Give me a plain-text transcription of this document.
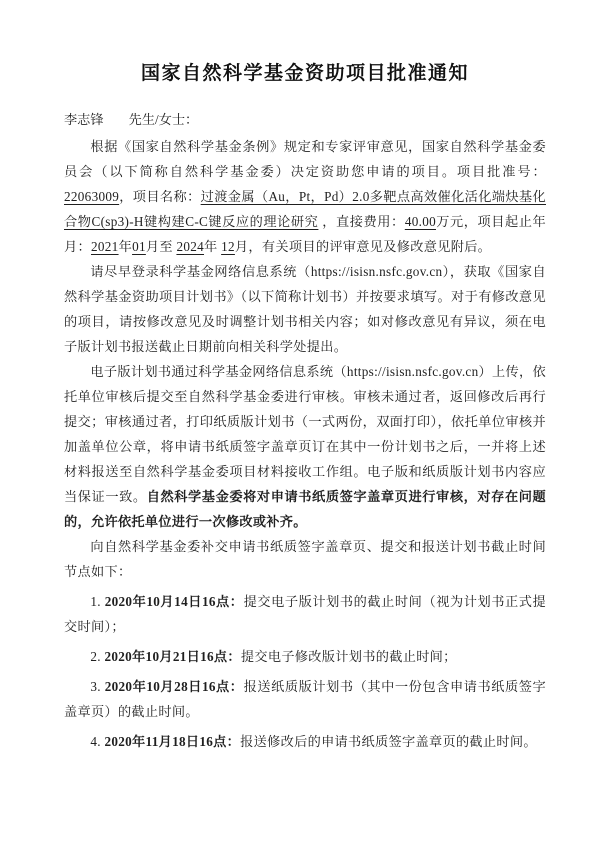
国家自然科学基金资助项目批准通知

李志锋 先生/女士：

根据《国家自然科学基金条例》规定和专家评审意见，国家自然科学基金委员会（以下简称自然科学基金委）决定资助您申请的项目。项目批准号：22063009，项目名称：过渡金属（Au，Pt，Pd）2.0多靶点高效催化活化端炔基化合物C(sp3)-H键构建C-C键反应的理论研究 ，直接费用：40.00万元，项目起止年月：2021年01月至 2024年 12月，有关项目的评审意见及修改意见附后。

请尽早登录科学基金网络信息系统（https://isisn.nsfc.gov.cn），获取《国家自然科学基金资助项目计划书》（以下简称计划书）并按要求填写。对于有修改意见的项目，请按修改意见及时调整计划书相关内容；如对修改意见有异议，须在电子版计划书报送截止日期前向相关科学处提出。

电子版计划书通过科学基金网络信息系统（https://isisn.nsfc.gov.cn）上传，依托单位审核后提交至自然科学基金委进行审核。审核未通过者，返回修改后再行提交；审核通过者，打印纸质版计划书（一式两份，双面打印），依托单位审核并加盖单位公章，将申请书纸质签字盖章页订在其中一份计划书之后，一并将上述材料报送至自然科学基金委项目材料接收工作组。电子版和纸质版计划书内容应当保证一致。自然科学基金委将对申请书纸质签字盖章页进行审核，对存在问题的，允许依托单位进行一次修改或补齐。

向自然科学基金委补交申请书纸质签字盖章页、提交和报送计划书截止时间节点如下：

1. 2020年10月14日16点：提交电子版计划书的截止时间（视为计划书正式提交时间）；

2. 2020年10月21日16点：提交电子修改版计划书的截止时间；

3. 2020年10月28日16点：报送纸质版计划书（其中一份包含申请书纸质签字盖章页）的截止时间。

4. 2020年11月18日16点：报送修改后的申请书纸质签字盖章页的截止时间。
